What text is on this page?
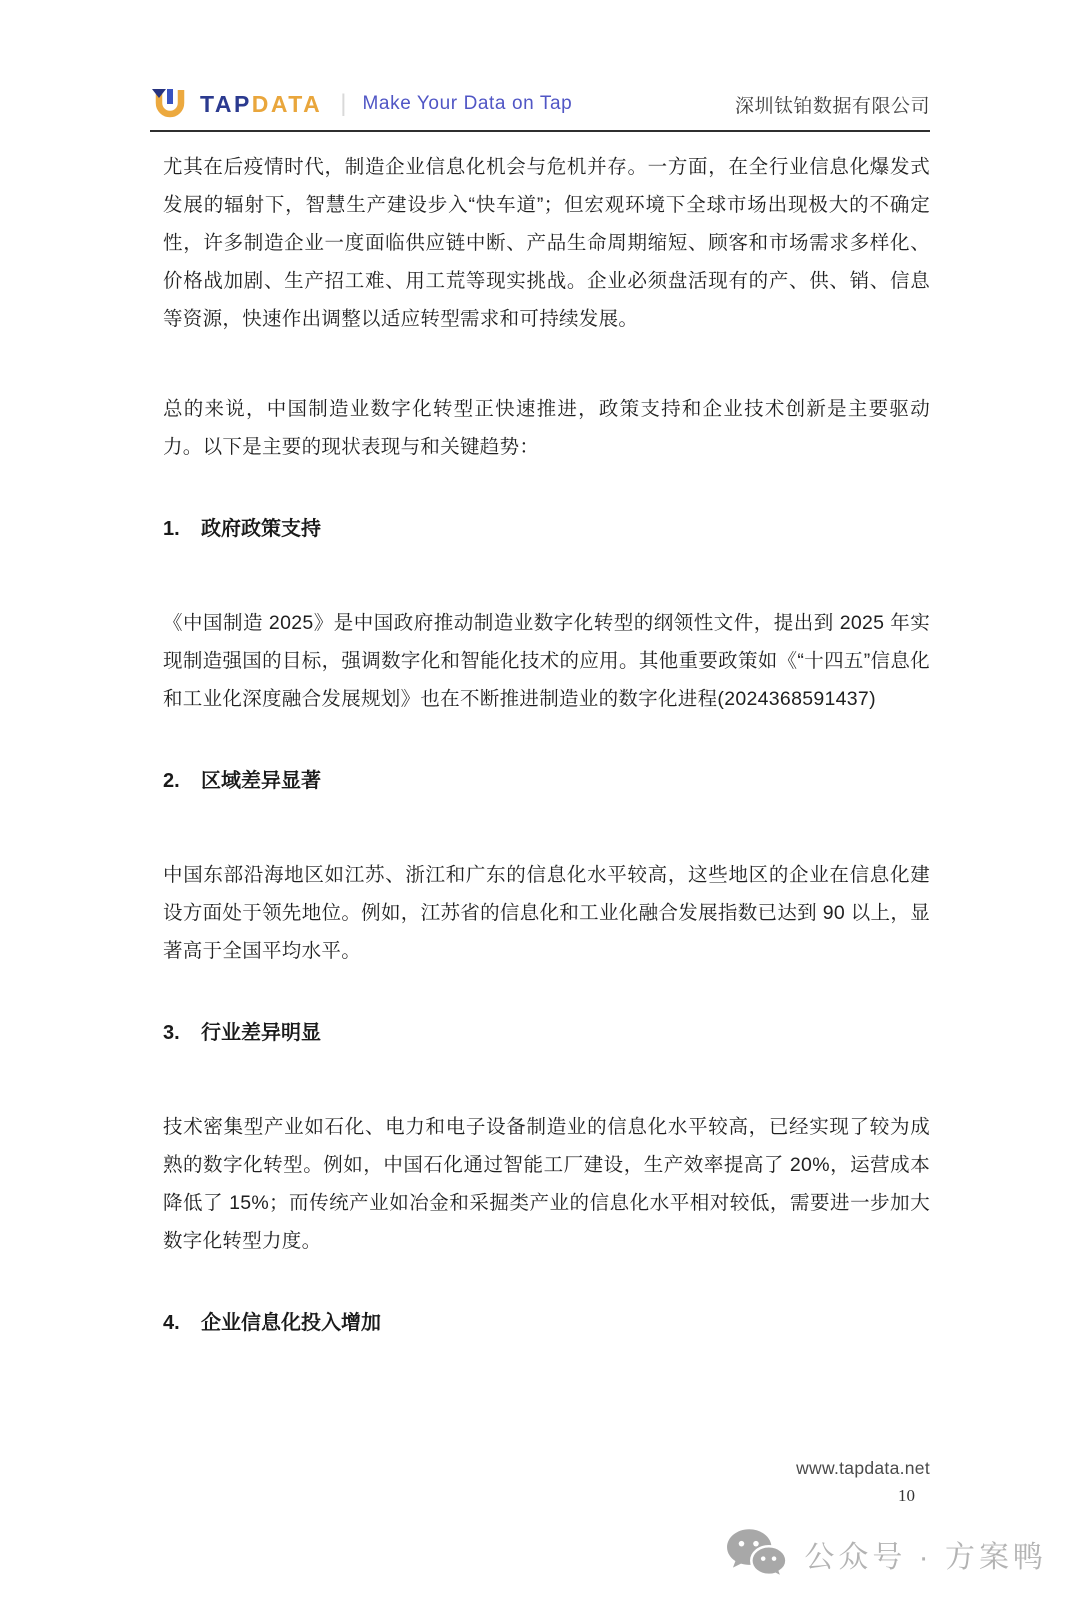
TAPDATA | Make Your Data on Tap	深圳钛铂数据有限公司

尤其在后疫情时代，制造企业信息化机会与危机并存。一方面，在全行业信息化爆发式发展的辐射下，智慧生产建设步入“快车道”；但宏观环境下全球市场出现极大的不确定性，许多制造企业一度面临供应链中断、产品生命周期缩短、顾客和市场需求多样化、价格战加剧、生产招工难、用工荒等现实挑战。企业必须盘活现有的产、供、销、信息等资源，快速作出调整以适应转型需求和可持续发展。

总的来说，中国制造业数字化转型正快速推进，政策支持和企业技术创新是主要驱动力。以下是主要的现状表现与和关键趋势：

1.	政府政策支持

《中国制造 2025》是中国政府推动制造业数字化转型的纲领性文件，提出到 2025 年实现制造强国的目标，强调数字化和智能化技术的应用。其他重要政策如《“十四五”信息化和工业化深度融合发展规划》也在不断推进制造业的数字化进程(2024368591437)

2.	区域差异显著

中国东部沿海地区如江苏、浙江和广东的信息化水平较高，这些地区的企业在信息化建设方面处于领先地位。例如，江苏省的信息化和工业化融合发展指数已达到 90 以上，显著高于全国平均水平。

3.	行业差异明显

技术密集型产业如石化、电力和电子设备制造业的信息化水平较高，已经实现了较为成熟的数字化转型。例如，中国石化通过智能工厂建设，生产效率提高了 20%，运营成本降低了 15%；而传统产业如冶金和采掘类产业的信息化水平相对较低，需要进一步加大数字化转型力度。

4.	企业信息化投入增加
www.tapdata.net
10
公众号 · 方案鸭
